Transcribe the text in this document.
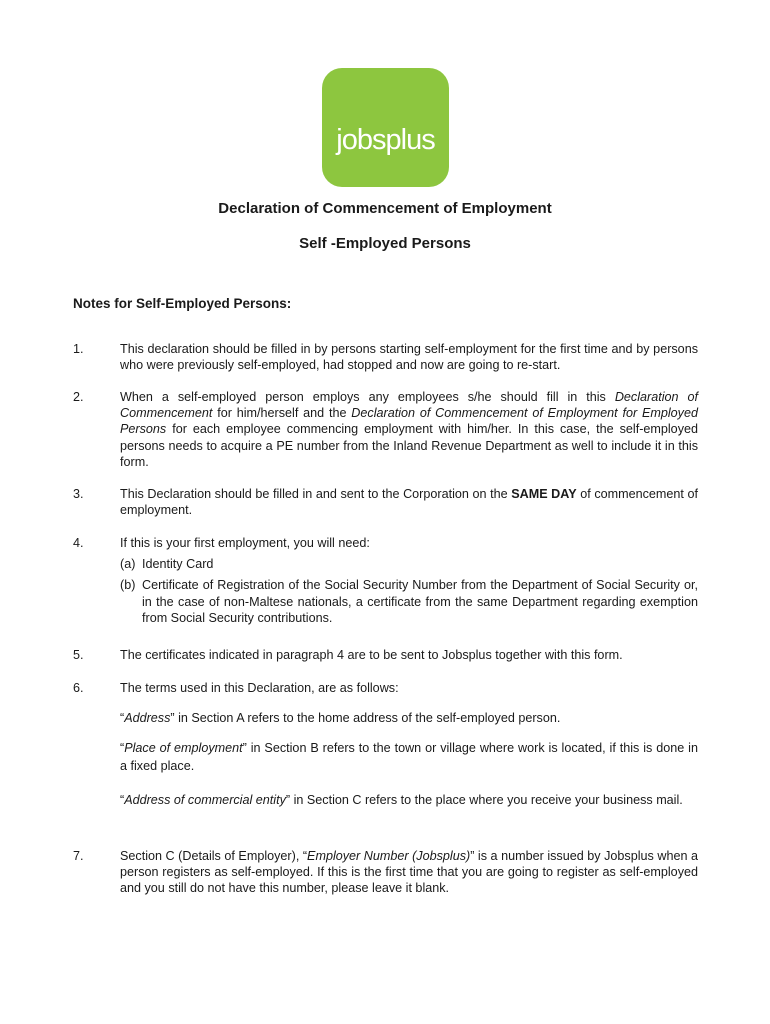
jobsplus
Declaration of Commencement of Employment
Self -Employed Persons
Notes for Self-Employed Persons:
1.	This declaration should be filled in by persons starting self-employment for the first time and by persons who were previously self-employed, had stopped and now are going to re-start.
2.	When a self-employed person employs any employees s/he should fill in this Declaration of Commencement for him/herself and the Declaration of Commencement of Employment for Employed Persons for each employee commencing employment with him/her. In this case, the self-employed persons needs to acquire a PE number from the Inland Revenue Department as well to include it in this form.
3.	This Declaration should be filled in and sent to the Corporation on the SAME DAY of commencement of employment.
4.	If this is your first employment, you will need:
(a) Identity Card
(b) Certificate of Registration of the Social Security Number from the Department of Social Security or, in the case of non-Maltese nationals, a certificate from the same Department regarding exemption from Social Security contributions.
5.	The certificates indicated in paragraph 4 are to be sent to Jobsplus together with this form.
6.	The terms used in this Declaration, are as follows:
“Address” in Section A refers to the home address of the self-employed person.
“Place of employment” in Section B refers to the town or village where work is located, if this is done in a fixed place.
“Address of commercial entity” in Section C refers to the place where you receive your business mail.
7.	Section C (Details of Employer), “Employer Number (Jobsplus)” is a number issued by Jobsplus when a person registers as self-employed. If this is the first time that you are going to register as self-employed and you still do not have this number, please leave it blank.
